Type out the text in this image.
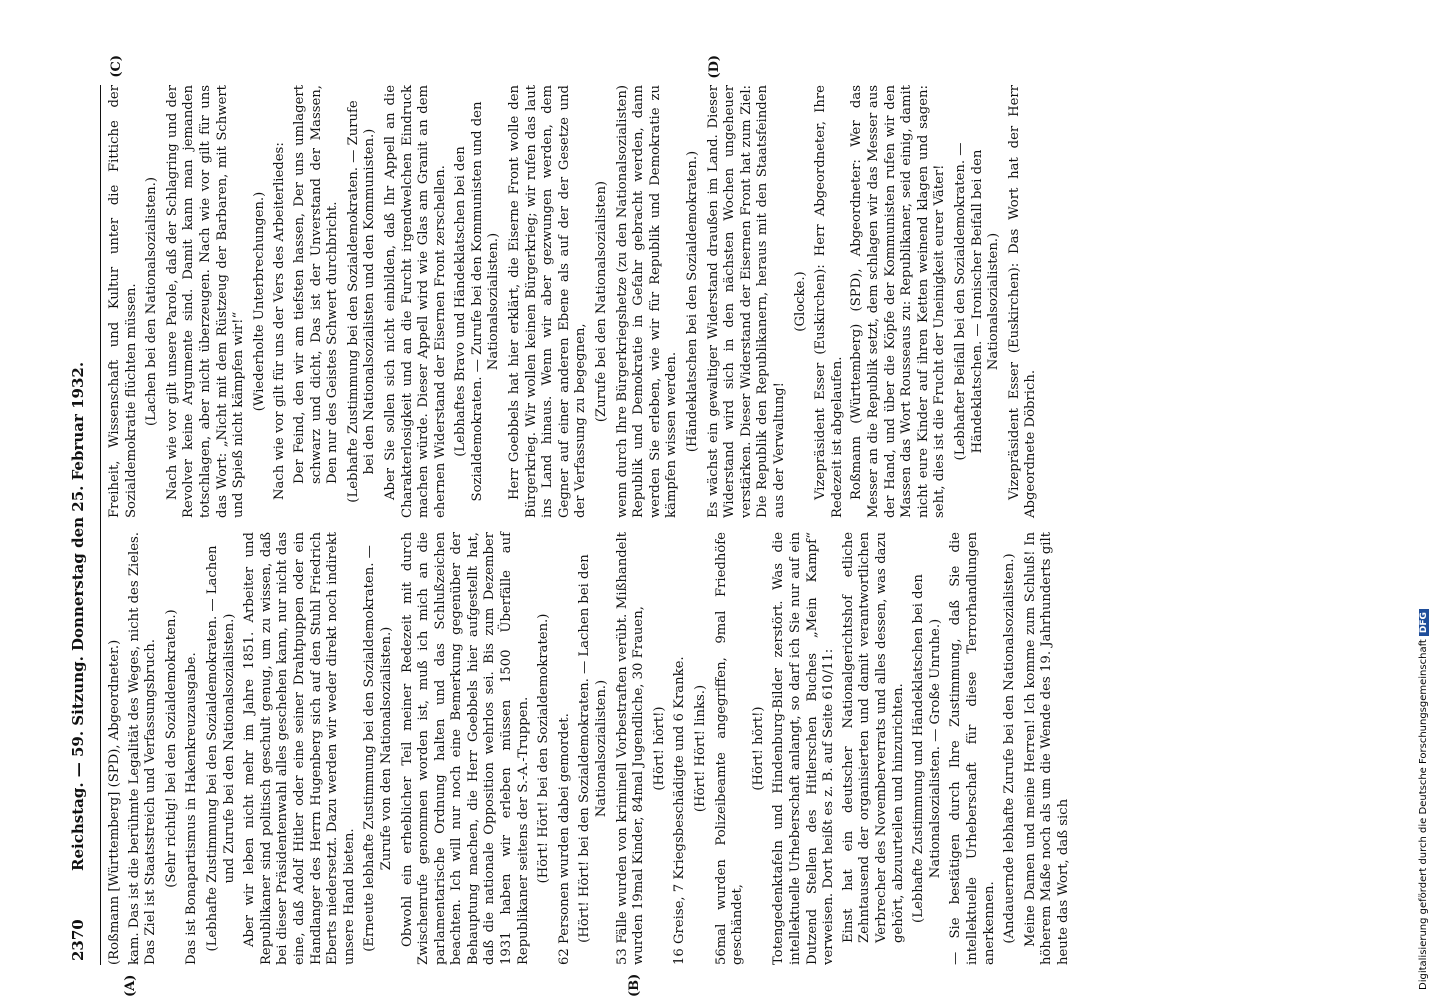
2370
Reichstag. — 59. Sitzung. Donnerstag den 25. Februar 1932.
(A)	(B)

(Roßmann [Württemberg] (SPD), Abgeordneter.) kam. Das ist die berühmte Legalität des Weges, nicht des Zieles. Das Ziel ist Staatsstreich und Verfassungsbruch. (Sehr richtig! bei den Sozialdemokraten.) Das ist Bonapartismus in Hakenkreuzausgabe. (Lebhafte Zustimmung bei den Sozialdemokraten. — Lachen und Zurufe bei den Nationalsozialisten.) Aber wir leben nicht mehr im Jahre 1851. Arbeiter und Republikaner sind politisch geschult genug, um zu wissen, daß bei dieser Präsidentenwahl alles geschehen kann, nur nicht das eine, daß Adolf Hitler oder eine seiner Drahtpuppen oder ein Handlanger des Herrn Hugenberg sich auf den Stuhl Friedrich Eberts niedersetzt. Dazu werden wir weder direkt noch indirekt unsere Hand bieten. (Erneute lebhafte Zustimmung bei den Sozialdemokraten. — Zurufe von den Nationalsozialisten.) Obwohl ein erheblicher Teil meiner Redezeit mit durch Zwischenrufe genommen worden ist, muß ich mich an die parlamentarische Ordnung halten und das Schlußzeichen beachten. Ich will nur noch eine Bemerkung gegenüber der Behauptung machen, die Herr Goebbels hier aufgestellt hat, daß die nationale Opposition wehrlos sei. Bis zum Dezember 1931 haben wir erleben müssen 1500 Überfälle auf Republikaner seitens der S.-A.-Truppen. (Hört! Hört! bei den Sozialdemokraten.) 62 Personen wurden dabei gemordet. (Hört! Hört! bei den Sozialdemokraten. — Lachen bei den Nationalsozialisten.) 53 Fälle wurden von kriminell Vorbestraften verübt. Mißhandelt wurden 19mal Kinder, 84mal Jugendliche, 30 Frauen, (Hört! hört!) 16 Greise, 7 Kriegsbeschädigte und 6 Kranke. (Hört! Hört! links.) 56mal wurden Polizeibeamte angegriffen, 9mal Friedhöfe geschändet,

(Hört! hört!) Totengedenktafeln und Hindenburg-Bilder zerstört. Was die intellektuelle Urheberschaft anlangt, so darf ich Sie nur auf ein Dutzend Stellen des Hitlerschen Buches „Mein Kampf“ verweisen. Dort heißt es z. B. auf Seite 610/11: Einst hat ein deutscher Nationalgerichtshof etliche Zehntausend der organisierten und damit verantwortlichen Verbrecher des Novemberverrats und alles dessen, was dazu gehört, abzuurteilen und hinzurichten. (Lebhafte Zustimmung und Händeklatschen bei den Nationalsozialisten. — Große Unruhe.) — Sie bestätigen durch Ihre Zustimmung, daß Sie die intellektuelle Urheberschaft für diese Terrorhandlungen anerkennen. (Andauernde lebhafte Zurufe bei den Nationalsozialisten.) Meine Damen und meine Herren! Ich komme zum Schluß! In höherem Maße noch als um die Wende des 19. Jahrhunderts gilt heute das Wort, daß sich

(C)	(D)

Freiheit, Wissenschaft und Kultur unter die Fittiche der Sozialdemokratie flüchten müssen. (Lachen bei den Nationalsozialisten.) Nach wie vor gilt unsere Parole, daß der Schlagring und der Revolver keine Argumente sind. Damit kann man jemanden totschlagen, aber nicht überzeugen. Nach wie vor gilt für uns das Wort: „Nicht mit dem Rüstzeug der Barbaren, mit Schwert und Spieß nicht kämpfen wir!“

(Wiederholte Unterbrechungen.) Nach wie vor gilt für uns der Vers des Arbeiterliedes: Der Feind, den wir am tiefsten hassen, Der uns umlagert schwarz und dicht, Das ist der Unverstand der Massen, Den nur des Geistes Schwert durchbricht. (Lebhafte Zustimmung bei den Sozialdemokraten. — Zurufe bei den Nationalsozialisten und den Kommunisten.) Aber Sie sollen sich nicht einbilden, daß Ihr Appell an die Charakterlosigkeit und an die Furcht irgendwelchen Eindruck machen würde. Dieser Appell wird wie Glas am Granit an dem ehernen Widerstand der Eisernen Front zerschellen. (Lebhaftes Bravo und Händeklatschen bei den Sozialdemokraten. — Zurufe bei den Kommunisten und den Nationalsozialisten.) Herr Goebbels hat hier erklärt, die Eiserne Front wolle den Bürgerkrieg. Wir wollen keinen Bürgerkrieg; wir rufen das laut ins Land hinaus. Wenn wir aber gezwungen werden, dem Gegner auf einer anderen Ebene als auf der der Gesetze und der Verfassung zu begegnen, (Zurufe bei den Nationalsozialisten) wenn durch Ihre Bürgerkriegshetze (zu den Nationalsozialisten) Republik und Demokratie in Gefahr gebracht werden, dann werden Sie erleben, wie wir für Republik und Demokratie zu kämpfen wissen werden. (Händeklatschen bei den Sozialdemokraten.) Es wächst ein gewaltiger Widerstand draußen im Land. Dieser Widerstand wird sich in den nächsten Wochen ungeheuer verstärken. Dieser Widerstand der Eisernen Front hat zum Ziel: Die Republik den Republikanern, heraus mit den Staatsfeinden aus der Verwaltung!

(Glocke.) Vizepräsident Esser (Euskirchen): Herr Abgeordneter, Ihre Redezeit ist abgelaufen. Roßmann (Württemberg) (SPD), Abgeordneter: Wer das Messer an die Republik setzt, dem schlagen wir das Messer aus der Hand, und über die Köpfe der Kommunisten rufen wir den Massen das Wort Rousseaus zu: Republikaner, seid einig, damit nicht eure Kinder auf ihren Ketten weinend klagen und sagen: seht, dies ist die Frucht der Uneinigkeit eurer Väter! (Lebhafter Beifall bei den Sozialdemokraten. — Händeklatschen. — Ironischer Beifall bei den Nationalsozialisten.) Vizepräsident Esser (Euskirchen): Das Wort hat der Herr Abgeordnete Döbrich.

Digitalisierung gefördert durch die Deutsche ForschungsgemeinschaftDFG
